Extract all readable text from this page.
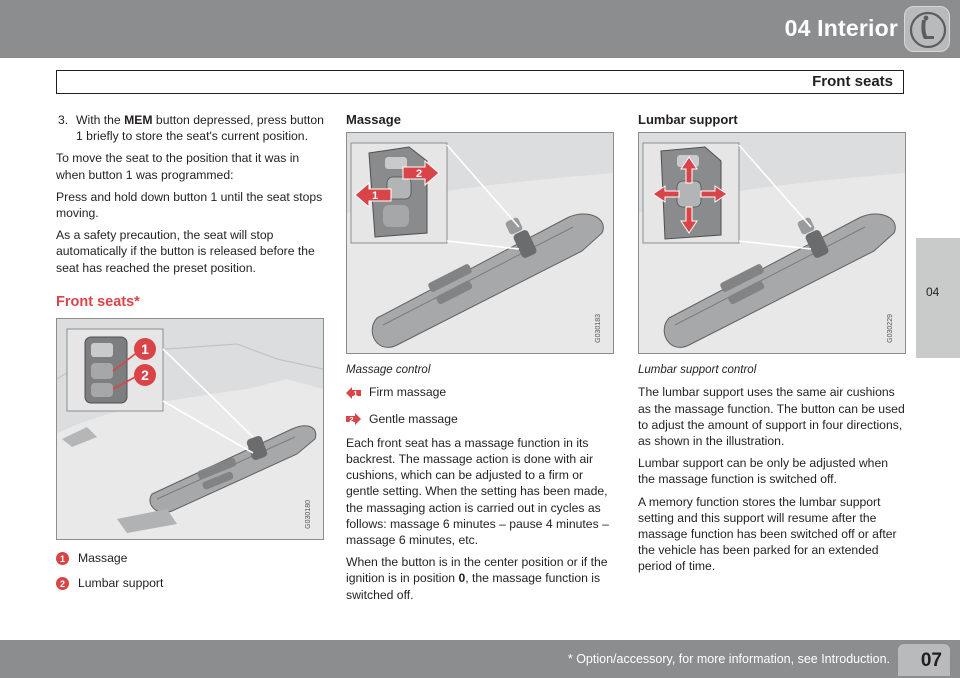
04 Interior
Front seats
04
3. With the MEM button depressed, press button 1 briefly to store the seat's current position.

To move the seat to the position that it was in when button 1 was programmed:

Press and hold down button 1 until the seat stops moving.

As a safety precaution, the seat will stop automatically if the button is released before the seat has reached the preset position.

Front seats*
1
2
G030180
1 Massage
2 Lumbar support
Massage
1
2
G030183
Massage control
1 Firm massage
2 Gentle massage

Each front seat has a massage function in its backrest. The massage action is done with air cushions, which can be adjusted to a firm or gentle setting. When the setting has been made, the massaging action is carried out in cycles as follows: massage 6 minutes – pause 4 minutes – massage 6 minutes, etc.

When the button is in the center position or if the ignition is in position 0, the massage function is switched off.

Lumbar support
G030229
Lumbar support control

The lumbar support uses the same air cushions as the massage function. The button can be used to adjust the amount of support in four directions, as shown in the illustration.

Lumbar support can be only be adjusted when the massage function is switched off.

A memory function stores the lumbar support setting and this support will resume after the massage function has been switched off or after the vehicle has been parked for an extended period of time.

* Option/accessory, for more information, see Introduction. 07
